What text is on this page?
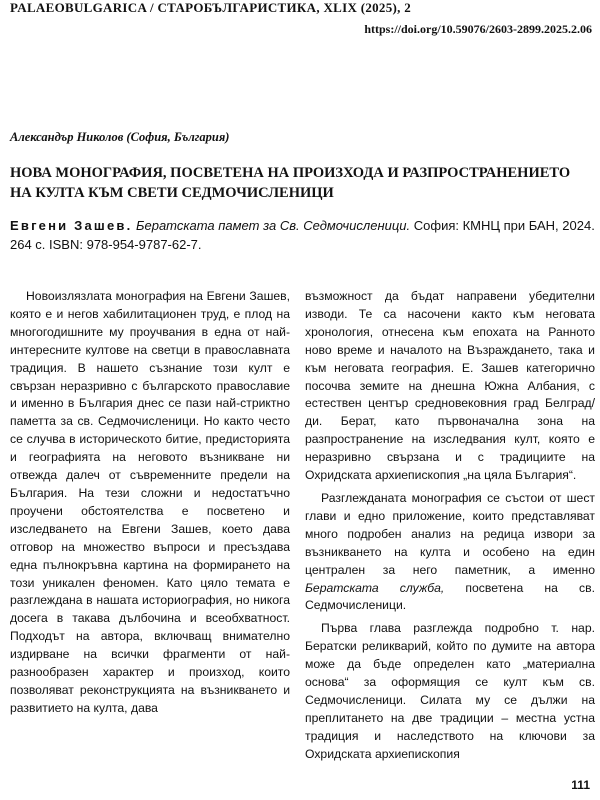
PALAEOBULGARICA / СТАРОБЪЛГАРИСТИКА, XLIX (2025), 2
https://doi.org/10.59076/2603-2899.2025.2.06
Александър Николов (София, България)
НОВА МОНОГРАФИЯ, ПОСВЕТЕНА НА ПРОИЗХОДА И РАЗПРОСТРАНЕНИЕТО НА КУЛТА КЪМ СВЕТИ СЕДМОЧИСЛЕНИЦИ
Евгени Зашев. Бератската памет за Св. Седмочисленици. София: КМНЦ при БАН, 2024. 264 с. ISBN: 978-954-9787-62-7.

Новоизлязлата монография на Евгени Зашев, която е и негов хабилитационен труд, е плод на многогодишните му проучвания в една от най-интересните култове на светци в православната традиция. В нашето съзнание този култ е свързан неразривно с българското православие и именно в България днес се пази най-стриктно паметта за св. Седмочисленици. Но както често се случва в историческото битие, предисторията и географията на неговото възникване ни отвежда далеч от съвременните предели на България. На тези сложни и недостатъчно проучени обстоятелства е посветено и изследването на Евгени Зашев, което дава отговор на множество въпроси и пресъздава една пълнокръвна картина на формирането на този уникален феномен. Като цяло темата е разглеждана в нашата историография, но никога досега в такава дълбочина и всеобхватност. Подходът на автора, включващ внимателно издирване на всички фрагменти от най-разнообразен характер и произход, които позволяват реконструкцията на възникването и развитието на култа, дава

възможност да бъдат направени убедителни изводи. Те са насочени както към неговата хронология, отнесена към епохата на Ранното ново време и началото на Възраждането, така и към неговата география. Е. Зашев категорично посочва земите на днешна Южна Албания, с естествен център средновековния град Белград/ди. Берат, като първоначална зона на разпространение на изследвания култ, която е неразривно свързана и с традициите на Охридската архиепископия „на цяла България“.

Разглежданата монография се състои от шест глави и едно приложение, които представляват много подробен анализ на редица извори за възникването на култа и особено на един централен за него паметник, а именно Бератската служба, посветена на св. Седмочисленици.

Първа глава разглежда подробно т. нар. Бератски реликварий, който по думите на автора може да бъде определен като „материална основа“ за оформящия се култ към св. Седмочисленици. Силата му се дължи на преплитането на две традиции – местна устна традиция и наследството на ключови за Охридската архиепископия

111
